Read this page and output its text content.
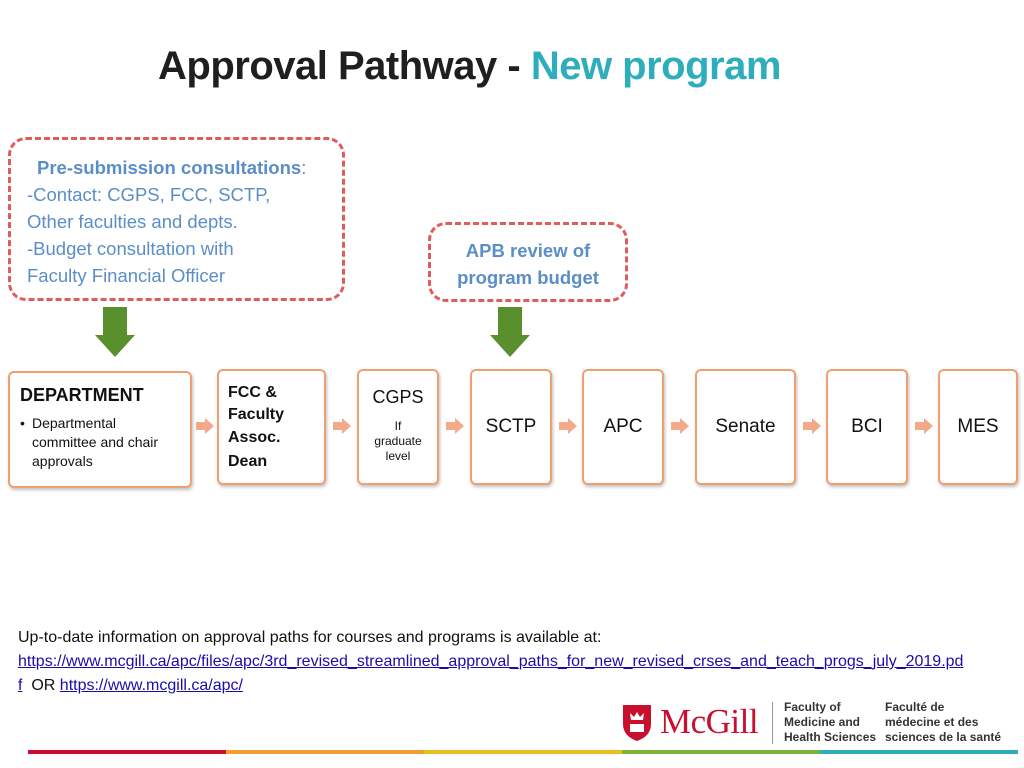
Approval Pathway - New program
Pre-submission consultations:
-Contact: CGPS, FCC, SCTP,
Other faculties and depts.
-Budget consultation with
Faculty Financial Officer
APB review of
program budget
DEPARTMENT
• Departmental committee and chair approvals
FCC &
Faculty
Assoc.
Dean
CGPS
If
graduate
level
SCTP	APC	Senate	BCI	MES
Up-to-date information on approval paths for courses and programs is available at:
https://www.mcgill.ca/apc/files/apc/3rd_revised_streamlined_approval_paths_for_new_revised_crses_and_teach_progs_july_2019.pdf OR https://www.mcgill.ca/apc/
McGill Faculty of
Medicine and
Health Sciences
Faculté de
médecine et des
sciences de la santé
